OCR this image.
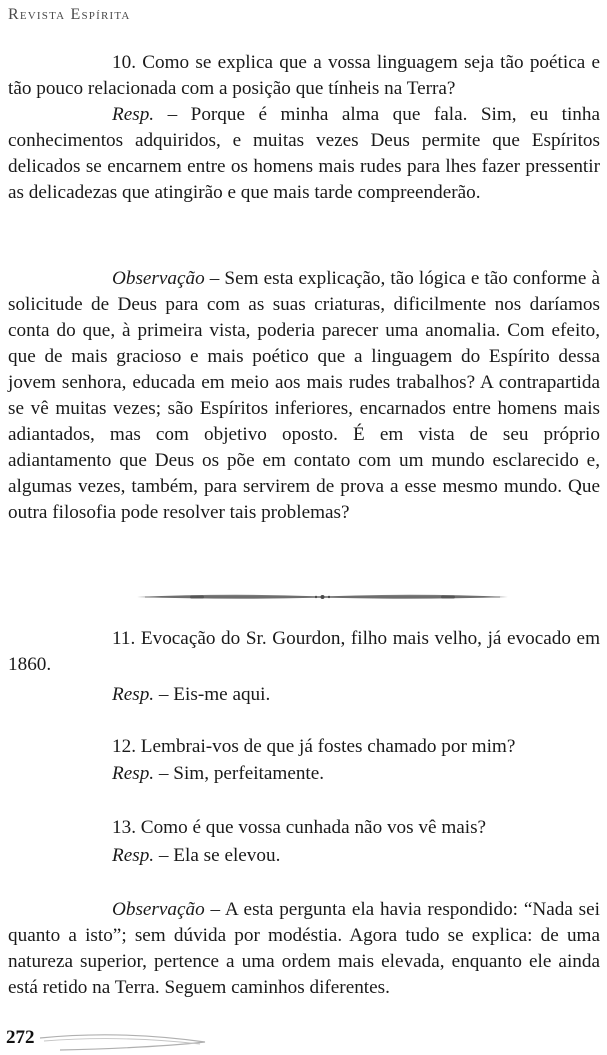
Revista Espírita

10. Como se explica que a vossa linguagem seja tão poética e tão pouco relacionada com a posição que tínheis na Terra?

Resp. – Porque é minha alma que fala. Sim, eu tinha conhecimentos adquiridos, e muitas vezes Deus permite que Espíritos delicados se encarnem entre os homens mais rudes para lhes fazer pressentir as delicadezas que atingirão e que mais tarde compreenderão.

Observação – Sem esta explicação, tão lógica e tão conforme à solicitude de Deus para com as suas criaturas, dificilmente nos daríamos conta do que, à primeira vista, poderia parecer uma anomalia. Com efeito, que de mais gracioso e mais poético que a linguagem do Espírito dessa jovem senhora, educada em meio aos mais rudes trabalhos? A contrapartida se vê muitas vezes; são Espíritos inferiores, encarnados entre homens mais adiantados, mas com objetivo oposto. É em vista de seu próprio adiantamento que Deus os põe em contato com um mundo esclarecido e, algumas vezes, também, para servirem de prova a esse mesmo mundo. Que outra filosofia pode resolver tais problemas?

11. Evocação do Sr. Gourdon, filho mais velho, já evocado em 1860.

Resp. – Eis-me aqui.

12. Lembrai-vos de que já fostes chamado por mim?

Resp. – Sim, perfeitamente.

13. Como é que vossa cunhada não vos vê mais?

Resp. – Ela se elevou.

Observação – A esta pergunta ela havia respondido: “Nada sei quanto a isto”; sem dúvida por modéstia. Agora tudo se explica: de uma natureza superior, pertence a uma ordem mais elevada, enquanto ele ainda está retido na Terra. Seguem caminhos diferentes.

272
